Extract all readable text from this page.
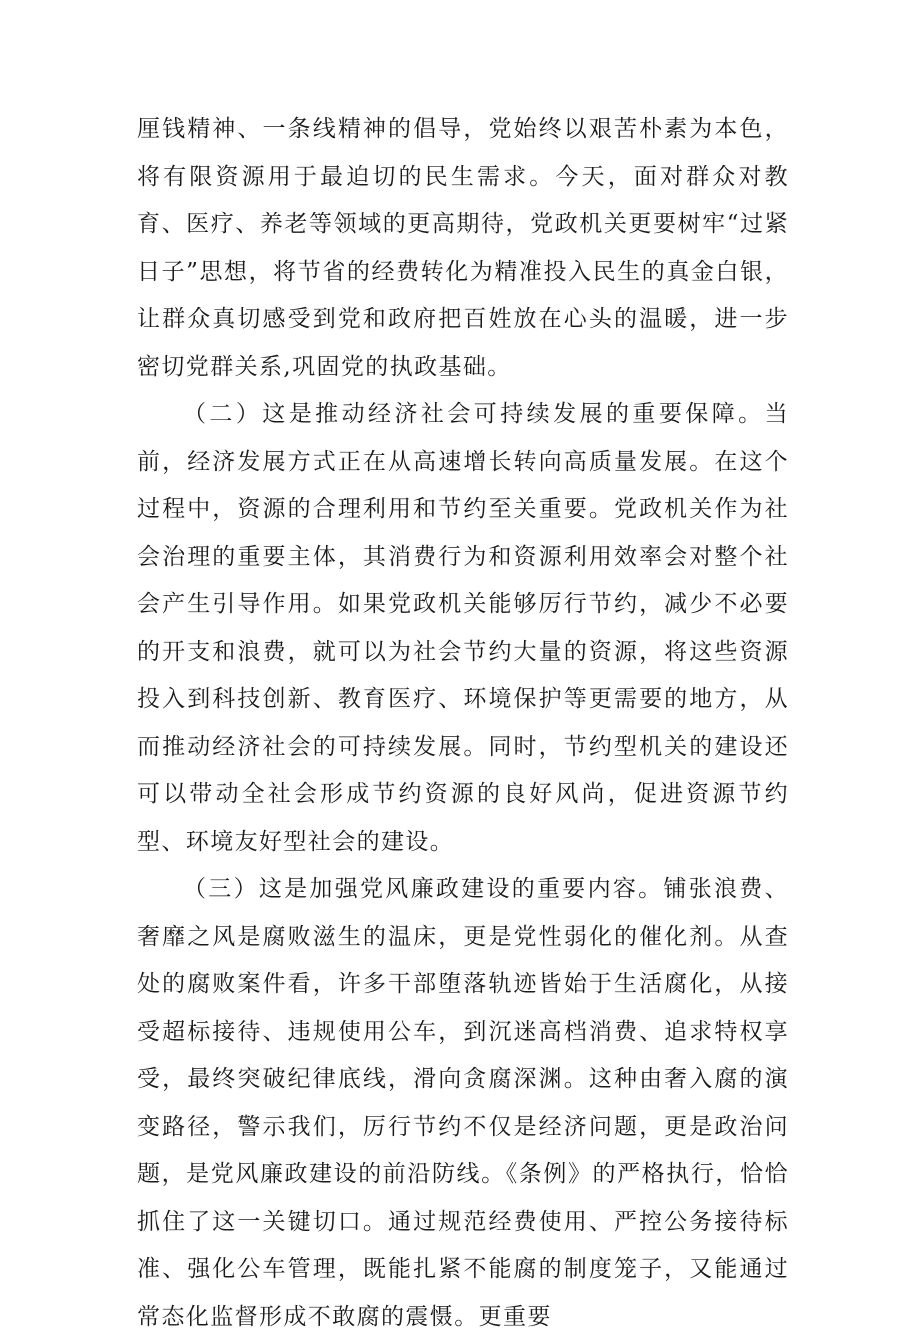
厘钱精神、一条线精神的倡导，党始终以艰苦朴素为本色，将有限资源用于最迫切的民生需求。今天，面对群众对教育、医疗、养老等领域的更高期待，党政机关更要树牢“过紧日子”思想，将节省的经费转化为精准投入民生的真金白银，让群众真切感受到党和政府把百姓放在心头的温暖，进一步密切党群关系,巩固党的执政基础。

（二）这是推动经济社会可持续发展的重要保障。当前，经济发展方式正在从高速增长转向高质量发展。在这个过程中，资源的合理利用和节约至关重要。党政机关作为社会治理的重要主体，其消费行为和资源利用效率会对整个社会产生引导作用。如果党政机关能够厉行节约，减少不必要的开支和浪费，就可以为社会节约大量的资源，将这些资源投入到科技创新、教育医疗、环境保护等更需要的地方，从而推动经济社会的可持续发展。同时，节约型机关的建设还可以带动全社会形成节约资源的良好风尚，促进资源节约型、环境友好型社会的建设。

（三）这是加强党风廉政建设的重要内容。铺张浪费、奢靡之风是腐败滋生的温床，更是党性弱化的催化剂。从查处的腐败案件看，许多干部堕落轨迹皆始于生活腐化，从接受超标接待、违规使用公车，到沉迷高档消费、追求特权享受，最终突破纪律底线，滑向贪腐深渊。这种由奢入腐的演变路径，警示我们，厉行节约不仅是经济问题，更是政治问题，是党风廉政建设的前沿防线。《条例》的严格执行，恰恰抓住了这一关键切口。通过规范经费使用、严控公务接待标准、强化公车管理，既能扎紧不能腐的制度笼子，又能通过常态化监督形成不敢腐的震慑。更重要
